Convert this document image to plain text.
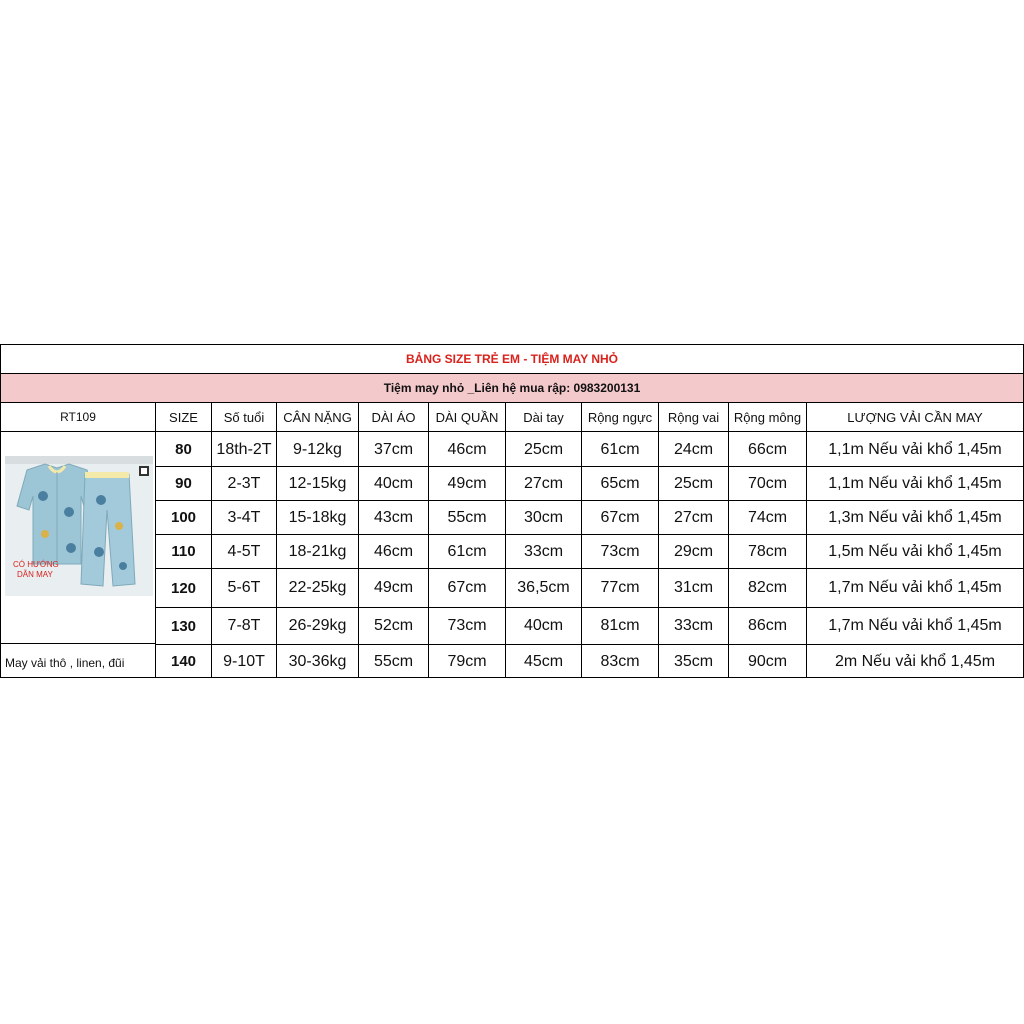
BẢNG SIZE TRẺ EM - TIỆM MAY NHỎ
Tiệm may nhỏ _Liên hệ mua rập: 0983200131
SIZE	Số tuổi	CÂN NẶNG	DÀI ÁO	DÀI QUẦN	Dài tay	Rộng ngực	Rộng vai	Rộng mông	LƯỢNG VẢI CẦN MAY
80	18th-2T	9-12kg	37cm	46cm	25cm	61cm	24cm	66cm	1,1m Nếu vải khổ 1,45m
90	2-3T	12-15kg	40cm	49cm	27cm	65cm	25cm	70cm	1,1m Nếu vải khổ 1,45m
100	3-4T	15-18kg	43cm	55cm	30cm	67cm	27cm	74cm	1,3m Nếu vải khổ 1,45m
110	4-5T	18-21kg	46cm	61cm	33cm	73cm	29cm	78cm	1,5m Nếu vải khổ 1,45m
120	5-6T	22-25kg	49cm	67cm	36,5cm	77cm	31cm	82cm	1,7m Nếu vải khổ 1,45m
130	7-8T	26-29kg	52cm	73cm	40cm	81cm	33cm	86cm	1,7m Nếu vải khổ 1,45m
140	9-10T	30-36kg	55cm	79cm	45cm	83cm	35cm	90cm	2m Nếu vải khổ 1,45m
RT109
CÓ HƯỚNG
DẪN MAY
May vải thô , linen, đũi
